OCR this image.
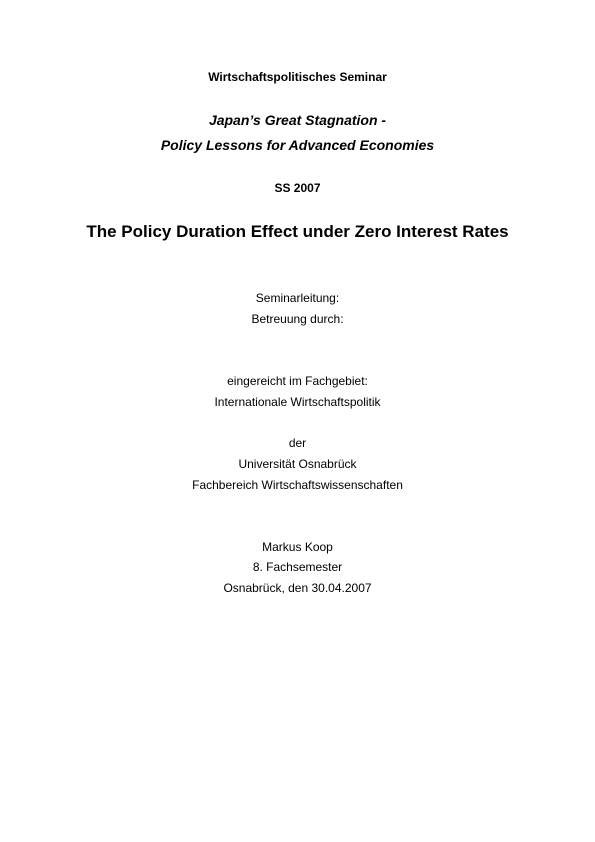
Wirtschaftspolitisches Seminar
Japan’s Great Stagnation -
Policy Lessons for Advanced Economies
SS 2007
The Policy Duration Effect under Zero Interest Rates
Seminarleitung:
Betreuung durch:
eingereicht im Fachgebiet:
Internationale Wirtschaftspolitik
der
Universität Osnabrück
Fachbereich Wirtschaftswissenschaften
Markus Koop
8. Fachsemester
Osnabrück, den 30.04.2007
